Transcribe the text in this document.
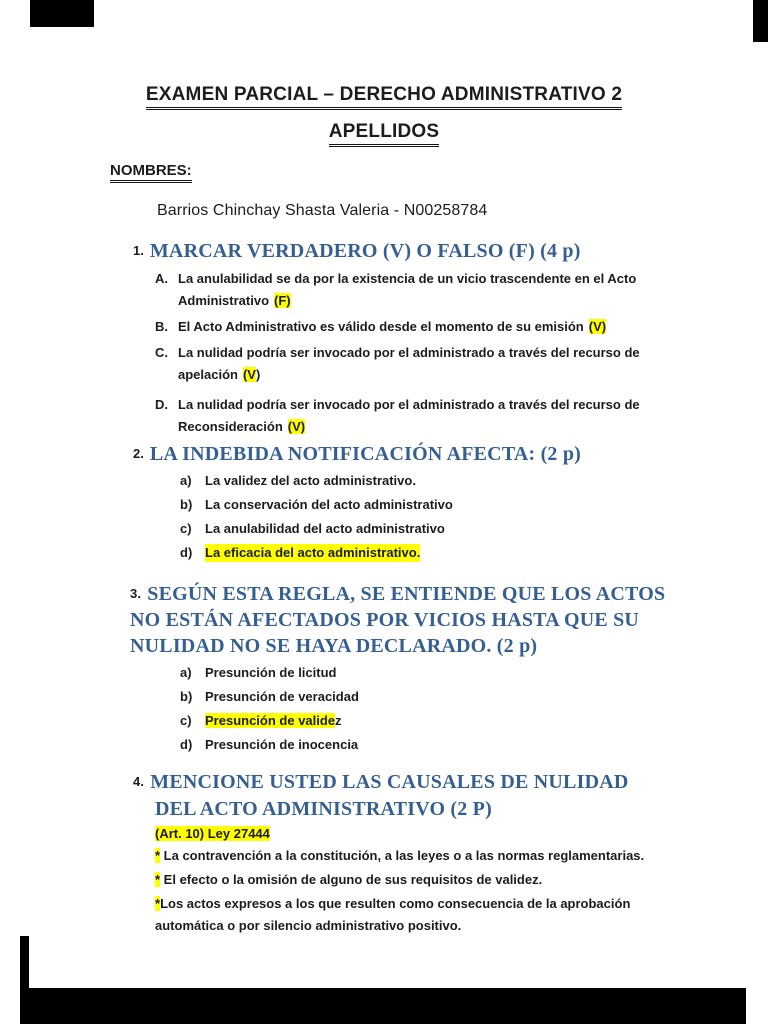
EXAMEN PARCIAL – DERECHO ADMINISTRATIVO 2
APELLIDOS
NOMBRES:
Barrios Chinchay Shasta Valeria - N00258784
1. MARCAR VERDADERO (V) O FALSO (F) (4 p)
A. La anulabilidad se da por la existencia de un vicio trascendente en el Acto
Administrativo (F)
B. El Acto Administrativo es válido desde el momento de su emisión (V)
C. La nulidad podría ser invocado por el administrado a través del recurso de
apelación (V)
D. La nulidad podría ser invocado por el administrado a través del recurso de
Reconsideración (V)
2. LA INDEBIDA NOTIFICACIÓN AFECTA: (2 p)
a)	La validez del acto administrativo.
b) La conservación del acto administrativo
c)	La anulabilidad del acto administrativo
d) La eficacia del acto administrativo.
3. SEGÚN ESTA REGLA, SE ENTIENDE QUE LOS ACTOS
NO ESTÁN AFECTADOS POR VICIOS HASTA QUE SU
NULIDAD NO SE HAYA DECLARADO. (2 p)
a)	Presunción de licitud
b) Presunción de veracidad
c)	Presunción de validez
d) Presunción de inocencia
4. MENCIONE USTED LAS CAUSALES DE NULIDAD
DEL ACTO ADMINISTRATIVO (2 P)
(Art. 10) Ley 27444
* La contravención a la constitución, a las leyes o a las normas reglamentarias.
* El efecto o la omisión de alguno de sus requisitos de validez.
*Los actos expresos a los que resulten como consecuencia de la aprobación
automática o por silencio administrativo positivo.
